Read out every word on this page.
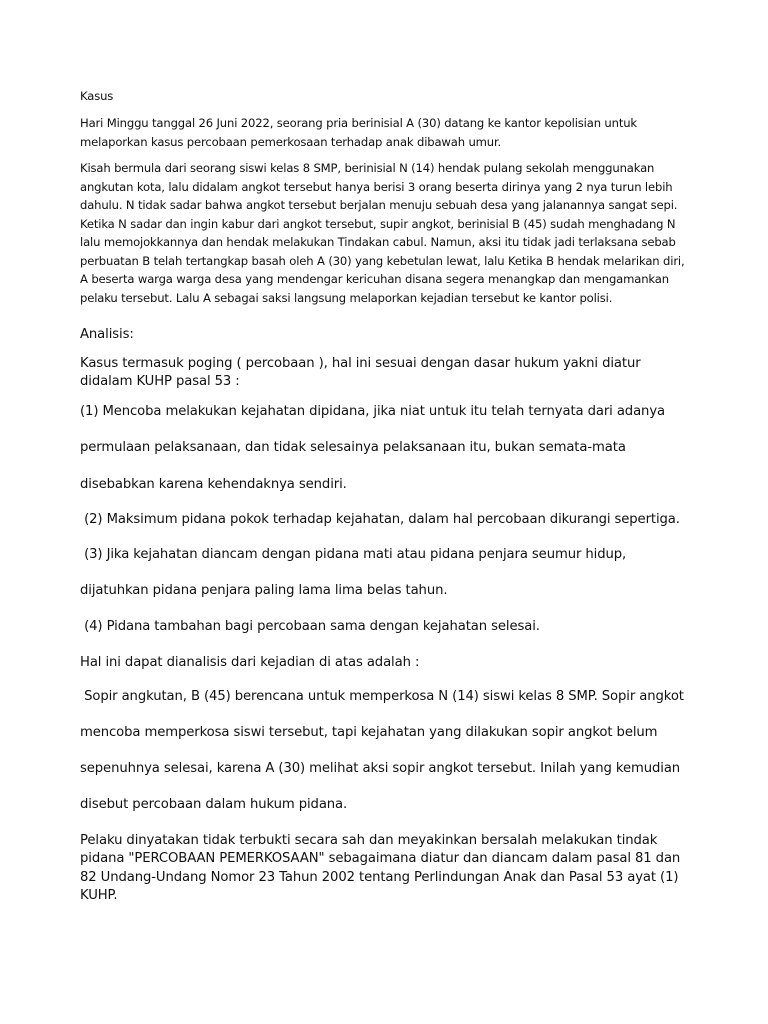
Kasus

Hari Minggu tanggal 26 Juni 2022, seorang pria berinisial A (30) datang ke kantor kepolisian untuk melaporkan kasus percobaan pemerkosaan terhadap anak dibawah umur.

Kisah bermula dari seorang siswi kelas 8 SMP, berinisial N (14) hendak pulang sekolah menggunakan angkutan kota, lalu didalam angkot tersebut hanya berisi 3 orang beserta dirinya yang 2 nya turun lebih dahulu. N tidak sadar bahwa angkot tersebut berjalan menuju sebuah desa yang jalanannya sangat sepi. Ketika N sadar dan ingin kabur dari angkot tersebut, supir angkot, berinisial B (45) sudah menghadang N lalu memojokkannya dan hendak melakukan Tindakan cabul. Namun, aksi itu tidak jadi terlaksana sebab perbuatan B telah tertangkap basah oleh A (30) yang kebetulan lewat, lalu Ketika B hendak melarikan diri, A beserta warga warga desa yang mendengar kericuhan disana segera menangkap dan mengamankan pelaku tersebut. Lalu A sebagai saksi langsung melaporkan kejadian tersebut ke kantor polisi.

Analisis:

Kasus termasuk poging ( percobaan ), hal ini sesuai dengan dasar hukum yakni diatur didalam KUHP pasal 53 :

(1) Mencoba melakukan kejahatan dipidana, jika niat untuk itu telah ternyata dari adanya

permulaan pelaksanaan, dan tidak selesainya pelaksanaan itu, bukan semata-mata

disebabkan karena kehendaknya sendiri.

(2) Maksimum pidana pokok terhadap kejahatan, dalam hal percobaan dikurangi sepertiga.

(3) Jika kejahatan diancam dengan pidana mati atau pidana penjara seumur hidup,

dijatuhkan pidana penjara paling lama lima belas tahun.

(4) Pidana tambahan bagi percobaan sama dengan kejahatan selesai.

Hal ini dapat dianalisis dari kejadian di atas adalah :

Sopir angkutan, B (45) berencana untuk memperkosa N (14) siswi kelas 8 SMP. Sopir angkot

mencoba memperkosa siswi tersebut, tapi kejahatan yang dilakukan sopir angkot belum

sepenuhnya selesai, karena A (30) melihat aksi sopir angkot tersebut. Inilah yang kemudian

disebut percobaan dalam hukum pidana.

Pelaku dinyatakan tidak terbukti secara sah dan meyakinkan bersalah melakukan tindak pidana "PERCOBAAN PEMERKOSAAN" sebagaimana diatur dan diancam dalam pasal 81 dan 82 Undang-Undang Nomor 23 Tahun 2002 tentang Perlindungan Anak dan Pasal 53 ayat (1) KUHP.
